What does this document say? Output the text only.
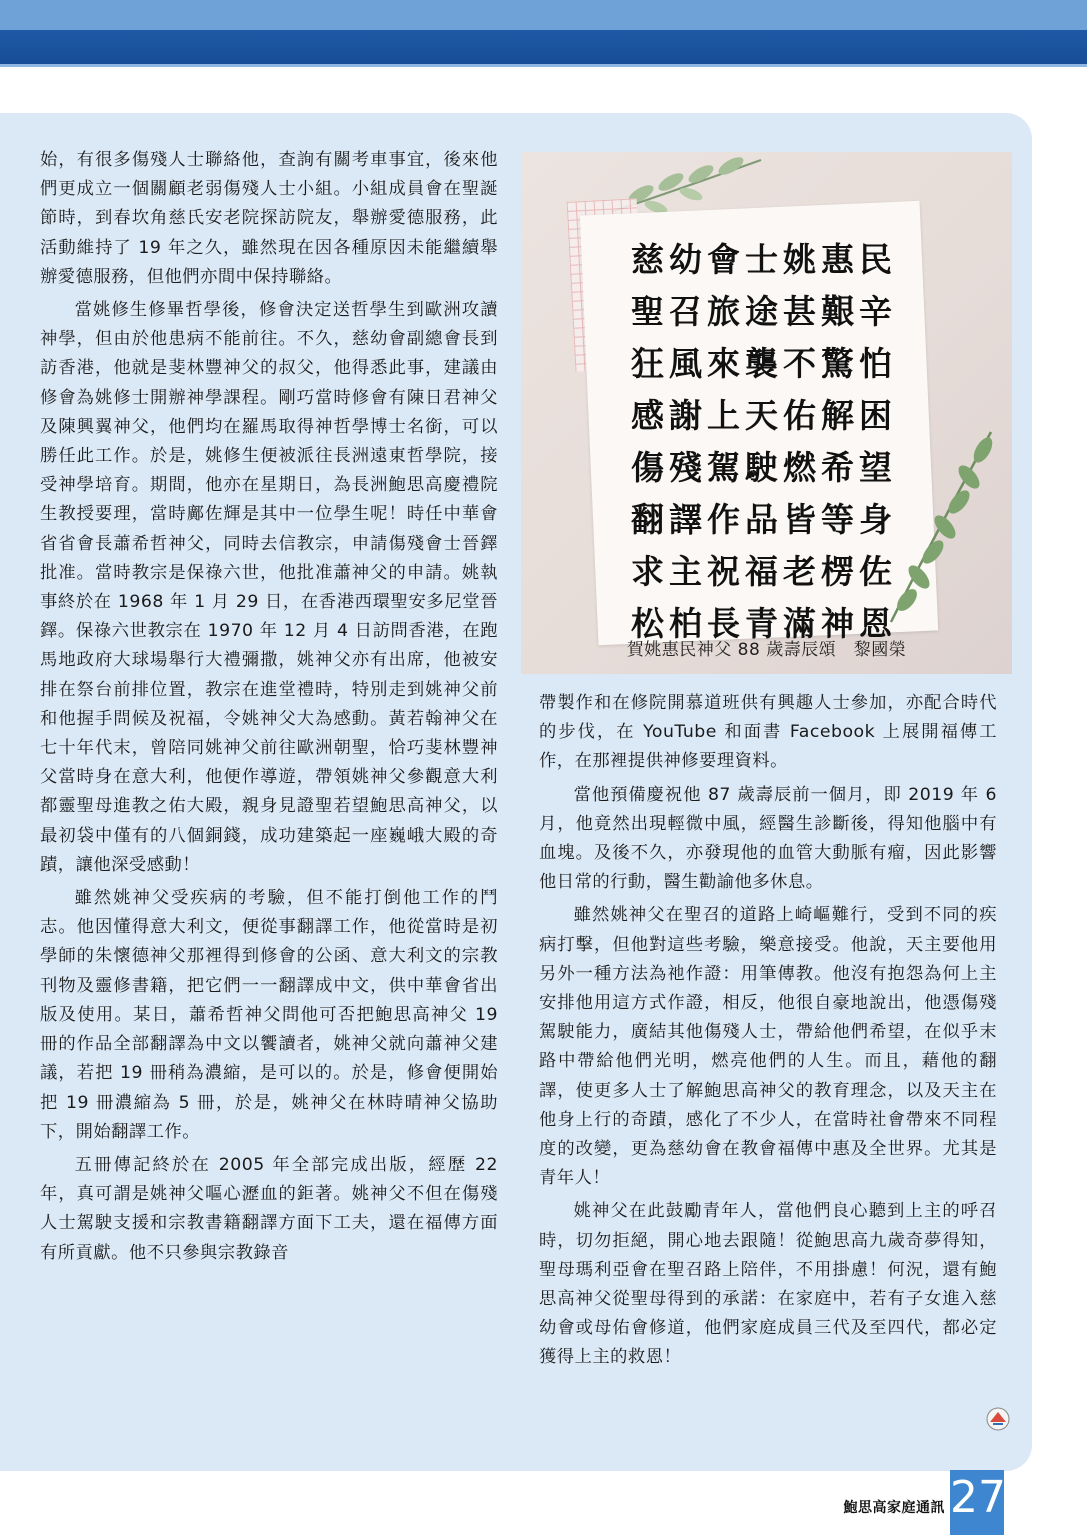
始，有很多傷殘人士聯絡他，查詢有關考車事宜，後來他們更成立一個關顧老弱傷殘人士小組。小組成員會在聖誕節時，到春坎角慈氏安老院探訪院友，舉辦愛德服務，此活動維持了 19 年之久，雖然現在因各種原因未能繼續舉辦愛德服務，但他們亦間中保持聯絡。

當姚修生修畢哲學後，修會決定送哲學生到歐洲攻讀神學，但由於他患病不能前往。不久，慈幼會副總會長到訪香港，他就是斐林豐神父的叔父，他得悉此事，建議由修會為姚修士開辦神學課程。剛巧當時修會有陳日君神父及陳興翼神父，他們均在羅馬取得神哲學博士名銜，可以勝任此工作。於是，姚修生便被派往長洲遠東哲學院，接受神學培育。期間，他亦在星期日，為長洲鮑思高慶禮院生教授要理，當時鄺佐輝是其中一位學生呢！時任中華會省省會長蕭希哲神父，同時去信教宗，申請傷殘會士晉鐸批准。當時教宗是保祿六世，他批准蕭神父的申請。姚執事終於在 1968 年 1 月 29 日，在香港西環聖安多尼堂晉鐸。保祿六世教宗在 1970 年 12 月 4 日訪問香港，在跑馬地政府大球場舉行大禮彌撒，姚神父亦有出席，他被安排在祭台前排位置，教宗在進堂禮時，特別走到姚神父前和他握手問候及祝福，令姚神父大為感動。黃若翰神父在七十年代末，曾陪同姚神父前往歐洲朝聖，恰巧斐林豐神父當時身在意大利，他便作導遊，帶領姚神父參觀意大利都靈聖母進教之佑大殿，親身見證聖若望鮑思高神父，以最初袋中僅有的八個銅錢，成功建築起一座巍峨大殿的奇蹟，讓他深受感動！

雖然姚神父受疾病的考驗，但不能打倒他工作的鬥志。他因懂得意大利文，便從事翻譯工作，他從當時是初學師的朱懷德神父那裡得到修會的公函、意大利文的宗教刊物及靈修書籍，把它們一一翻譯成中文，供中華會省出版及使用。某日，蕭希哲神父問他可否把鮑思高神父 19 冊的作品全部翻譯為中文以饗讀者，姚神父就向蕭神父建議，若把 19 冊稍為濃縮，是可以的。於是，修會便開始把 19 冊濃縮為 5 冊，於是，姚神父在林時晴神父協助下，開始翻譯工作。

五冊傳記終於在 2005 年全部完成出版，經歷 22 年，真可謂是姚神父嘔心瀝血的鉅著。姚神父不但在傷殘人士駕駛支援和宗教書籍翻譯方面下工夫，還在福傳方面有所貢獻。他不只參與宗教錄音

慈幼會士姚惠民
聖召旅途甚艱辛
狂風來襲不驚怕
感謝上天佑解困
傷殘駕駛燃希望
翻譯作品皆等身
求主祝福老楞佐
松柏長青滿神恩
賀姚惠民神父 88 歲壽辰頌　黎國榮

帶製作和在修院開慕道班供有興趣人士參加，亦配合時代的步伐，在 YouTube 和面書 Facebook 上展開福傳工作，在那裡提供神修要理資料。

當他預備慶祝他 87 歲壽辰前一個月，即 2019 年 6 月，他竟然出現輕微中風，經醫生診斷後，得知他腦中有血塊。及後不久，亦發現他的血管大動脈有瘤，因此影響他日常的行動，醫生勸諭他多休息。

雖然姚神父在聖召的道路上崎嶇難行，受到不同的疾病打擊，但他對這些考驗，樂意接受。他說，天主要他用另外一種方法為祂作證：用筆傳教。他沒有抱怨為何上主安排他用這方式作證，相反，他很自豪地說出，他憑傷殘駕駛能力，廣結其他傷殘人士，帶給他們希望，在似乎末路中帶給他們光明，燃亮他們的人生。而且，藉他的翻譯，使更多人士了解鮑思高神父的教育理念，以及天主在他身上行的奇蹟，感化了不少人，在當時社會帶來不同程度的改變，更為慈幼會在教會福傳中惠及全世界。尤其是青年人！

姚神父在此鼓勵青年人，當他們良心聽到上主的呼召時，切勿拒絕，開心地去跟隨！從鮑思高九歲奇夢得知，聖母瑪利亞會在聖召路上陪伴，不用掛慮！何況，還有鮑思高神父從聖母得到的承諾：在家庭中，若有子女進入慈幼會或母佑會修道，他們家庭成員三代及至四代，都必定獲得上主的救恩！

鮑思高家庭通訊 27
